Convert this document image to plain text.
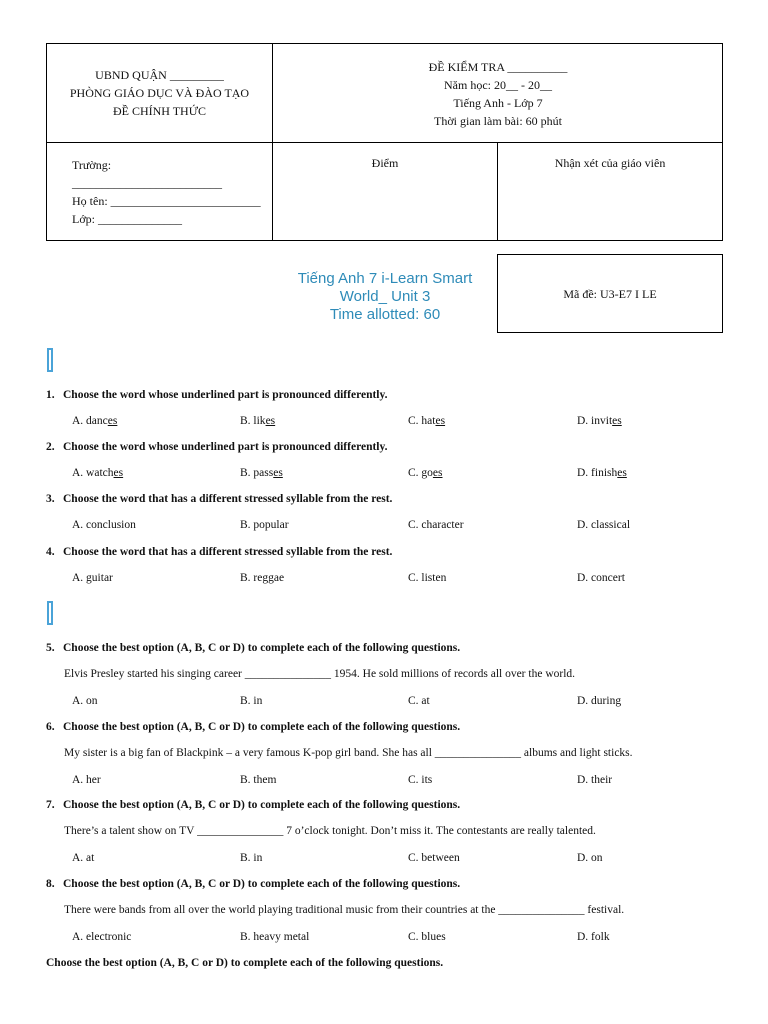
UBND QUẬN _________
PHÒNG GIÁO DỤC VÀ ĐÀO TẠO
ĐỀ CHÍNH THỨC
ĐỀ KIỂM TRA __________
Năm học: 20__ - 20__
Tiếng Anh - Lớp 7
Thời gian làm bài: 60 phút
Trường:
_________________________
Họ tên: _________________________
Lớp: ______________
Điểm	Nhận xét của giáo viên
Tiếng Anh 7 i-Learn Smart
World_ Unit 3
Time allotted: 60
Mã đề: U3-E7 I LE
1. Choose the word whose underlined part is pronounced differently.
A. dances	B. likes	C. hates	D. invites
2. Choose the word whose underlined part is pronounced differently.
A. watches	B. passes	C. goes	D. finishes
3. Choose the word that has a different stressed syllable from the rest.
A. conclusion	B. popular	C. character	D. classical
4. Choose the word that has a different stressed syllable from the rest.
A. guitar	B. reggae	C. listen	D. concert
5. Choose the best option (A, B, C or D) to complete each of the following questions.
Elvis Presley started his singing career _______________ 1954. He sold millions of records all over the world.
A. on	B. in	C. at	D. during
6. Choose the best option (A, B, C or D) to complete each of the following questions.
My sister is a big fan of Blackpink – a very famous K-pop girl band. She has all _______________ albums and light sticks.
A. her	B. them	C. its	D. their
7. Choose the best option (A, B, C or D) to complete each of the following questions.
There’s a talent show on TV _______________ 7 o’clock tonight. Don’t miss it. The contestants are really talented.
A. at	B. in	C. between	D. on
8. Choose the best option (A, B, C or D) to complete each of the following questions.
There were bands from all over the world playing traditional music from their countries at the _______________ festival.
A. electronic	B. heavy metal	C. blues	D. folk
Choose the best option (A, B, C or D) to complete each of the following questions.
